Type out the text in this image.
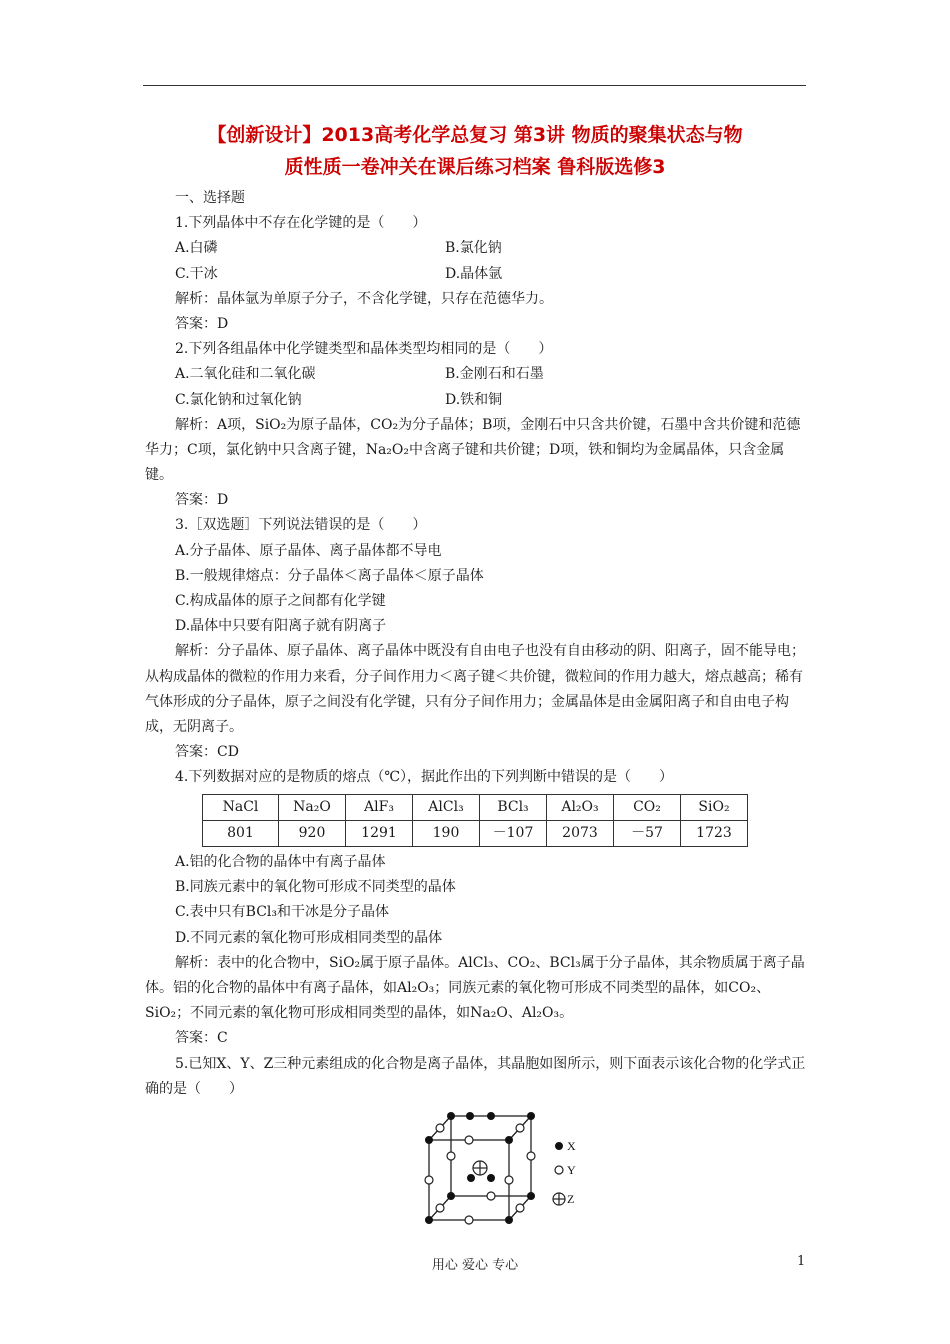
【创新设计】2013高考化学总复习 第3讲 物质的聚集状态与物
质性质一卷冲关在课后练习档案 鲁科版选修3
一、选择题
1.下列晶体中不存在化学键的是（　　）
A.白磷	B.氯化钠
C.干冰	D.晶体氩
解析：晶体氩为单原子分子，不含化学键，只存在范德华力。
答案：D
2.下列各组晶体中化学键类型和晶体类型均相同的是（　　）
A.二氧化硅和二氧化碳	B.金刚石和石墨
C.氯化钠和过氧化钠	D.铁和铜
解析：A项，SiO₂为原子晶体，CO₂为分子晶体；B项，金刚石中只含共价键，石墨中含共价键和范德华力；C项，氯化钠中只含离子键，Na₂O₂中含离子键和共价键；D项，铁和铜均为金属晶体，只含金属键。
答案：D
3.［双选题］下列说法错误的是（　　）
A.分子晶体、原子晶体、离子晶体都不导电
B.一般规律熔点：分子晶体＜离子晶体＜原子晶体
C.构成晶体的原子之间都有化学键
D.晶体中只要有阳离子就有阴离子
解析：分子晶体、原子晶体、离子晶体中既没有自由电子也没有自由移动的阴、阳离子，固不能导电；从构成晶体的微粒的作用力来看，分子间作用力＜离子键＜共价键，微粒间的作用力越大，熔点越高；稀有气体形成的分子晶体，原子之间没有化学键，只有分子间作用力；金属晶体是由金属阳离子和自由电子构成，无阴离子。
答案：CD
4.下列数据对应的是物质的熔点（℃），据此作出的下列判断中错误的是（　　）
NaCl	Na₂O	AlF₃	AlCl₃	BCl₃	Al₂O₃	CO₂	SiO₂
801	920	1291	190	－107	2073	－57	1723
A.铝的化合物的晶体中有离子晶体
B.同族元素中的氧化物可形成不同类型的晶体
C.表中只有BCl₃和干冰是分子晶体
D.不同元素的氧化物可形成相同类型的晶体
解析：表中的化合物中，SiO₂属于原子晶体。AlCl₃、CO₂、BCl₃属于分子晶体，其余物质属于离子晶体。铝的化合物的晶体中有离子晶体，如Al₂O₃；同族元素的氧化物可形成不同类型的晶体，如CO₂、SiO₂；不同元素的氧化物可形成相同类型的晶体，如Na₂O、Al₂O₃。
答案：C
5.已知X、Y、Z三种元素组成的化合物是离子晶体，其晶胞如图所示，则下面表示该化合物的化学式正确的是（　　）
X
Y
Z
用心 爱心 专心	1
